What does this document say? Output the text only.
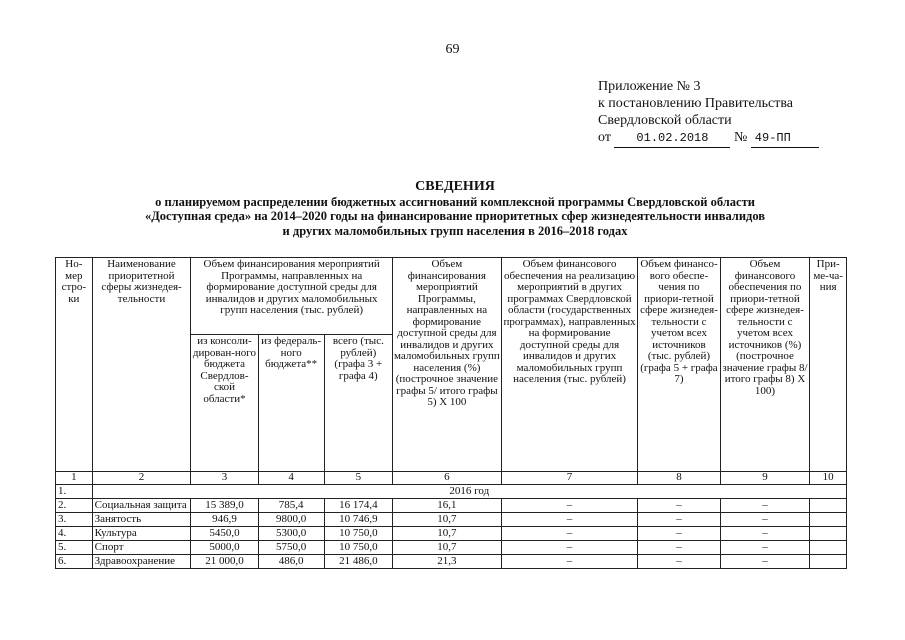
69
Приложение № 3
к постановлению Правительства
Свердловской области
от 01.02.2018 № 49-ПП
СВЕДЕНИЯ
о планируемом распределении бюджетных ассигнований комплексной программы Свердловской области
«Доступная среда» на 2014–2020 годы на финансирование приоритетных сфер жизнедеятельности инвалидов
и других маломобильных групп населения в 2016–2018 годах
Но-мер стро-ки	Наименование приоритетной сферы жизнедея-тельности	Объем финансирования мероприятий Программы, направленных на формирование доступной среды для инвалидов и других маломобильных групп населения (тыс. рублей)			Объем финансирования мероприятий Программы, направленных на формирование доступной среды для инвалидов и других маломобильных групп населения (%) (построчное значение графы 5/ итого графы 5) X 100	Объем финансового обеспечения на реализацию мероприятий в других программах Свердловской области (государственных программах), направленных на формирование доступной среды для инвалидов и других маломобильных групп населения (тыс. рублей)	Объем финансо-вого обеспе-чения по приори-тетной сфере жизнедея-тельности с учетом всех источников (тыс. рублей) (графа 5 + графа 7)	Объем финансового обеспечения по приори-тетной сфере жизнедея-тельности с учетом всех источников (%) (построчное значение графы 8/ итого графы 8) X 100)	При-ме-ча-ния
		из консоли-дирован-ного бюджета Свердлов-ской области*	из федераль-ного бюджета**	всего (тыс. рублей) (графа 3 + графа 4)					
1	2	3	4	5	6	7	8	9	10
1.	2016 год								
2.	Социальная защита	15 389,0	785,4	16 174,4	16,1	–	–	–	
3.	Занятость	946,9	9800,0	10 746,9	10,7	–	–	–	
4.	Культура	5450,0	5300,0	10 750,0	10,7	–	–	–	
5.	Спорт	5000,0	5750,0	10 750,0	10,7	–	–	–	
6.	Здравоохранение	21 000,0	486,0	21 486,0	21,3	–	–	–	
